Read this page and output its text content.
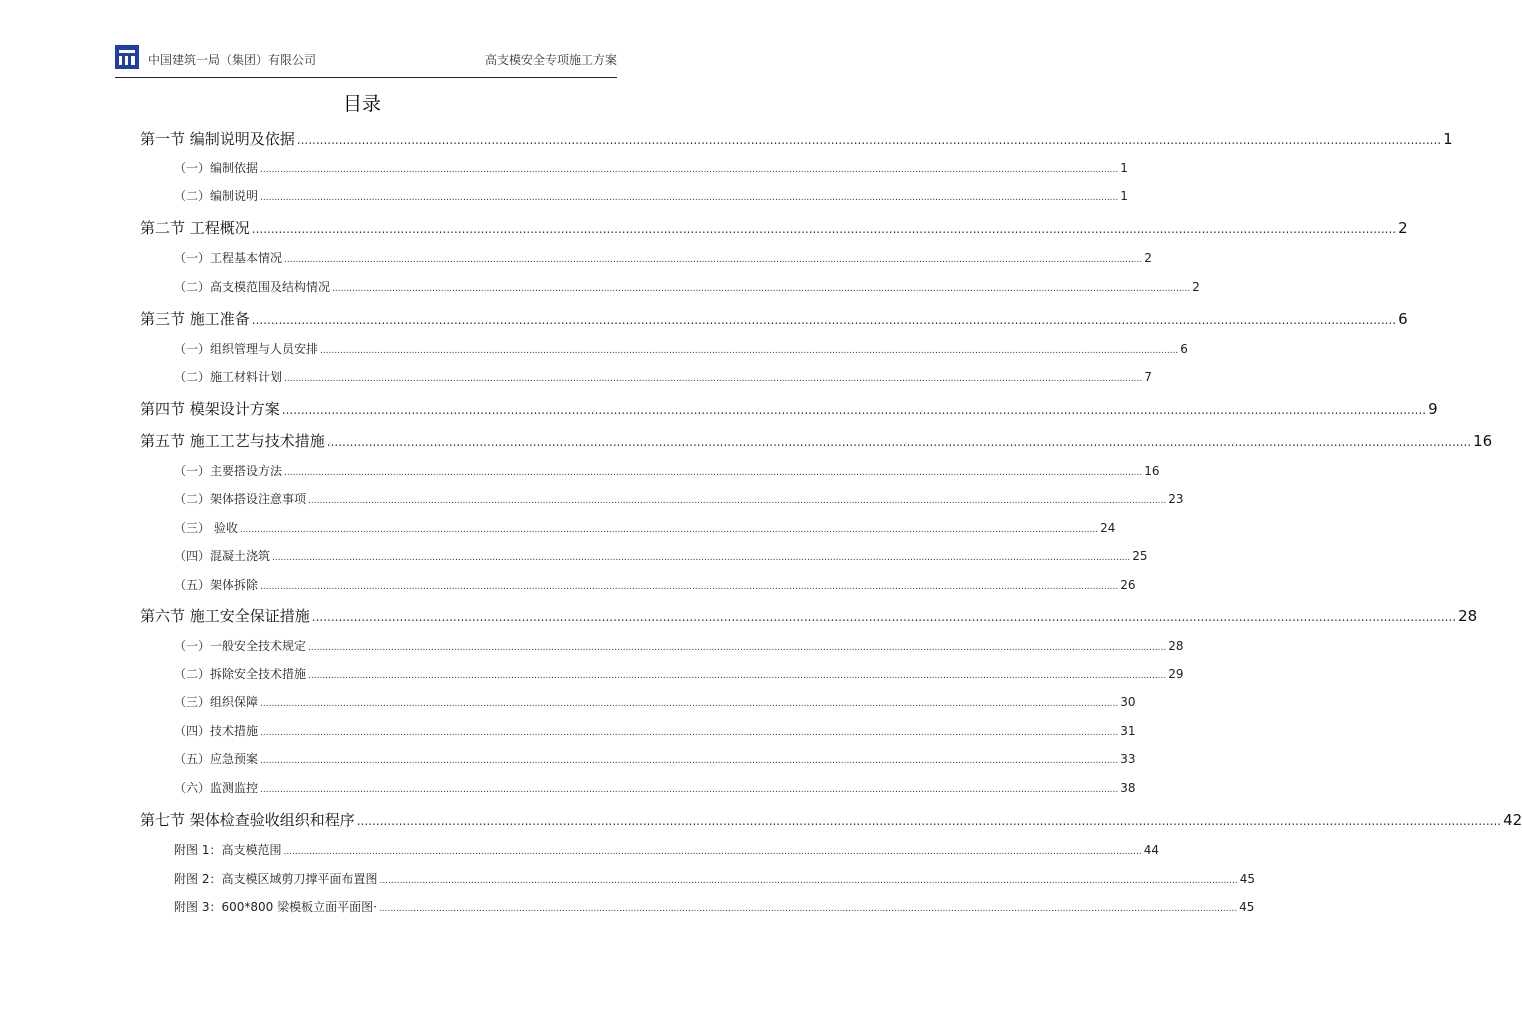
中国建筑一局（集团）有限公司	高支模安全专项施工方案
目录
第一节 编制说明及依据 ............................................................................................................................................................................................................................................................................................................ 1
（一）编制依据 ............................................................................................................................................................................................................................................................................................................ 1
（二）编制说明 ............................................................................................................................................................................................................................................................................................................ 1
第二节 工程概况 ............................................................................................................................................................................................................................................................................................................ 2
（一）工程基本情况 ............................................................................................................................................................................................................................................................................................................ 2
（二）高支模范围及结构情况 ............................................................................................................................................................................................................................................................................................................ 2
第三节 施工准备 ............................................................................................................................................................................................................................................................................................................ 6
（一）组织管理与人员安排 ............................................................................................................................................................................................................................................................................................................ 6
（二）施工材料计划 ............................................................................................................................................................................................................................................................................................................ 7
第四节 模架设计方案 ............................................................................................................................................................................................................................................................................................................ 9
第五节 施工工艺与技术措施 ............................................................................................................................................................................................................................................................................................................ 16
（一）主要搭设方法 ............................................................................................................................................................................................................................................................................................................ 16
（二）架体搭设注意事项 ............................................................................................................................................................................................................................................................................................................ 23
（三） 验收 ............................................................................................................................................................................................................................................................................................................ 24
（四）混凝土浇筑 ............................................................................................................................................................................................................................................................................................................ 25
（五）架体拆除 ............................................................................................................................................................................................................................................................................................................ 26
第六节 施工安全保证措施 ............................................................................................................................................................................................................................................................................................................ 28
（一）一般安全技术规定 ............................................................................................................................................................................................................................................................................................................ 28
（二）拆除安全技术措施 ............................................................................................................................................................................................................................................................................................................ 29
（三）组织保障 ............................................................................................................................................................................................................................................................................................................ 30
（四）技术措施 ............................................................................................................................................................................................................................................................................................................ 31
（五）应急预案 ............................................................................................................................................................................................................................................................................................................ 33
（六）监测监控 ............................................................................................................................................................................................................................................................................................................ 38
第七节 架体检查验收组织和程序 ............................................................................................................................................................................................................................................................................................................ 42
附图 1：高支模范围 ............................................................................................................................................................................................................................................................................................................ 44
附图 2：高支模区域剪刀撑平面布置图 ............................................................................................................................................................................................................................................................................................................ 45
附图 3：600*800 梁模板立面平面图· ............................................................................................................................................................................................................................................................................................................ 45
